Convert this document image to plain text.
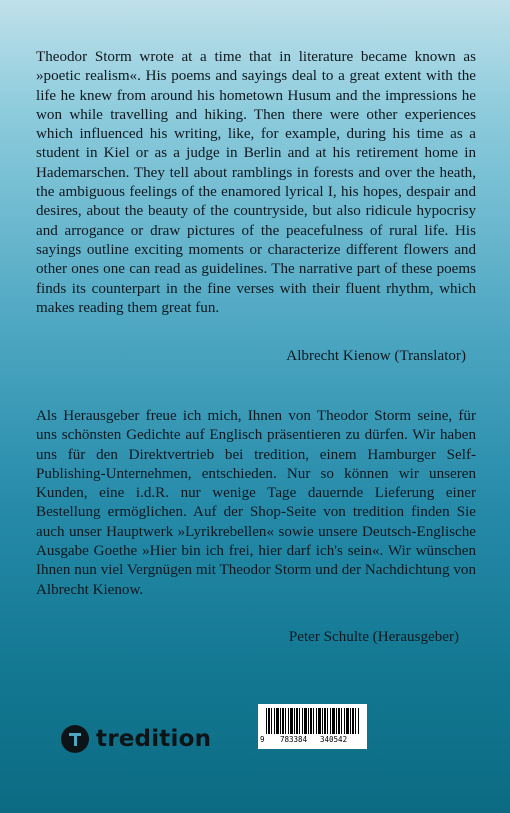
Theodor Storm wrote at a time that in literature became known as »poetic realism«. His poems and sayings deal to a great extent with the life he knew from around his hometown Husum and the impressions he won while travelling and hiking. Then there were other experiences which influenced his writing, like, for example, during his time as a student in Kiel or as a judge in Berlin and at his retirement home in Hademarschen. They tell about ramblings in forests and over the heath, the ambiguous feelings of the enamored lyrical I, his hopes, despair and desires, about the beauty of the countryside, but also ridicule hypocrisy and arrogance or draw pictures of the peacefulness of rural life. His sayings outline exciting moments or characterize different flowers and other ones one can read as guidelines. The narrative part of these poems finds its counterpart in the fine verses with their fluent rhythm, which makes reading them great fun.

Albrecht Kienow (Translator)

Als Herausgeber freue ich mich, Ihnen von Theodor Storm seine, für uns schönsten Gedichte auf Englisch präsentieren zu dürfen. Wir haben uns für den Direktvertrieb bei tredition, einem Hamburger Self-Publishing-Unternehmen, entschieden. Nur so können wir unseren Kunden, eine i.d.R. nur wenige Tage dauernde Lieferung einer Bestellung ermöglichen. Auf der Shop-Seite von tredition finden Sie auch unser Hauptwerk »Lyrikrebellen« sowie unsere Deutsch-Englische Ausgabe Goethe »Hier bin ich frei, hier darf ich's sein«. Wir wünschen Ihnen nun viel Vergnügen mit Theodor Storm und der Nachdichtung von Albrecht Kienow.

Peter Schulte (Herausgeber)
tredition	9 783384 340542
